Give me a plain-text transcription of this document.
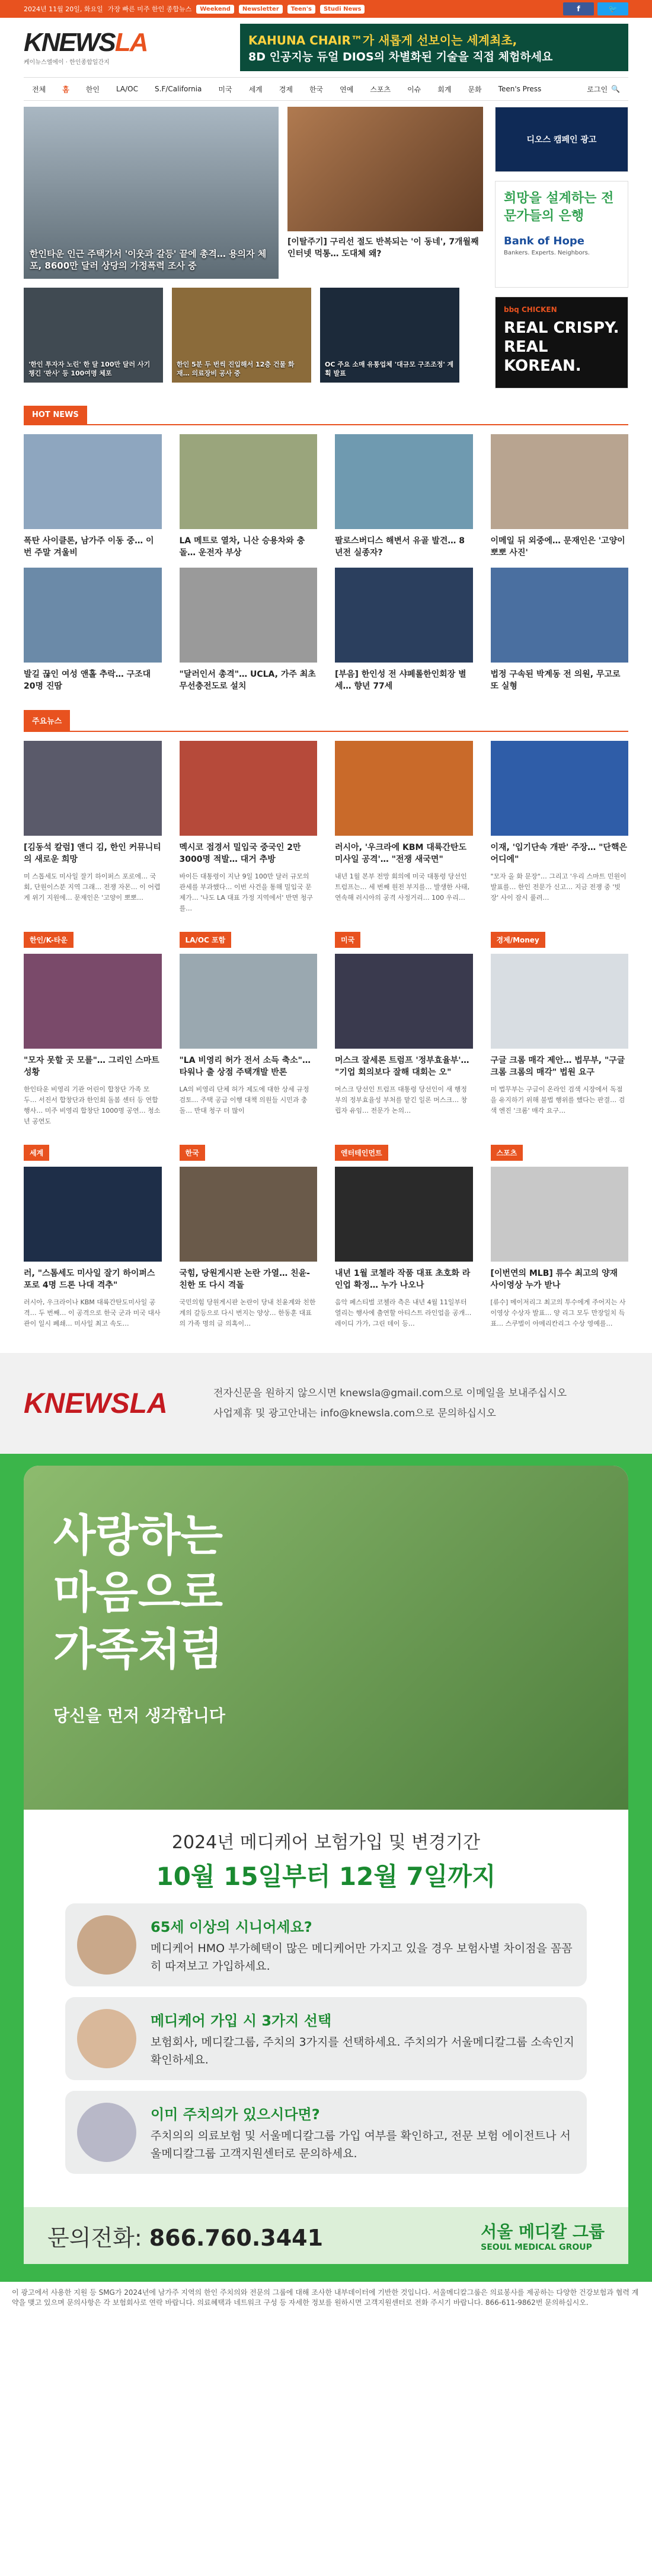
2024년 11월 20일, 화요일 가장 빠른 미주 한인 종합뉴스	Weekend	Newsletter	Teen's	Studi News	f	🐦
KNEWSLA
케이뉴스엘에이 · 한인종합일간지
KAHUNA CHAIR™가 새롭게 선보이는 세계최초,
8D 인공지능 듀얼 DIOS의 차별화된 기술을 직접 체험하세요
전체	홈	한인	LA/OC	S.F/California	미국	세계	경제	한국	연예	스포츠	이슈	회계	문화	Teen's Press	로그인 🔍
한인타운 인근 주택가서 '이웃과 갈등' 끝에 총격… 용의자 체포, 8600만 달러 상당의 가정폭력 조사 중
[이탈주기] 구리선 절도 반복되는 '이 동네', 7개월째 인터넷 먹통… 도대체 왜?
'한인 투자자 노린' 한 달 100만 달러 사기 챙긴 '판사' 등 100여명 체포
한인 5분 두 번씩 진입해서 12층 건물 화재… 의료장비 공사 중
OC 주요 소매 유통업체 '대규모 구조조정' 계획 발표
디오스 캠페인 광고
희망을 설계하는 전문가들의 은행
Bank of Hope
Bankers. Experts. Neighbors.
bbq CHICKEN
REAL CRISPY. REAL KOREAN.
HOT NEWS
폭탄 사이클론, 남가주 이동 중… 이번 주말 겨울비
LA 메트로 열차, 니산 승용차와 충돌… 운전자 부상
팔로스버디스 해변서 유골 발견… 8년전 실종자?
이메일 뒤 외중에… 문재인은 '고양이 뽀뽀 사진'
발길 끊인 여성 앤홀 추락… 구조대 20명 진땀
"달러인서 총격"… UCLA, 가주 최초 무선충전도로 설치
[부음] 한인성 전 샤페롤한인회장 별세… 향년 77세
법정 구속된 박계동 전 의원, 무고로 또 실형
주요뉴스
[김동석 칼럼] 앤디 김, 한인 커뮤니티의 새로운 희망
미 스톱세도 미사일 잘기 하이퍼스 포로에… 국회, 단원이스분 지역 그래… 전쟁 자몬… 이 어렵게 위기 지원에… 문재인은 '고양이 뽀뽀…
멕시코 접경서 밀입국 중국인 2만 3000명 적발… 대거 추방
바이든 대통령이 지난 9일 100만 달러 규모의 관세를 부과했다… 이번 사건을 통해 밀입국 문제가… '나도 LA 대표 가정 지역에서' 반면 청구를…
러시아, '우크라에 KBM 대륙간탄도미사일 공격'… "전쟁 새국면"
내년 1월 본부 전망 회의에 미국 대통령 당선인 트럼프는… 세 번째 원전 부지를… 발생한 사태, 연속해 러시아의 공격 사정거리… 100 우리…
이재, '입기단속 개판' 주장… "단핵은 어디에"
"모자 올 화 문장"… 그리고 '우리 스마트 민원이 발표를… 한인 전문가 신고… 지금 전쟁 중 '빗장' 사이 잠시 풀려…
한인/K-타운
"모자 못할 곳 모를"… 그리인 스마트 성황
한인타운 비영리 기관 어린이 합창단 가족 모두… 서진서 합창단과 한인회 돌봄 센터 등 연합 행사… 미주 비영리 합창단 1000명 공연… 청소년 공연도
LA/OC 포함
"LA 비영리 허가 전서 소득 축소"… 타워나 출 상점 주택개발 반론
LA의 비영리 단체 허가 제도에 대한 상세 규정 검토… 주택 공급 이행 대책 의원들 시민과 충돌… 반대 청구 더 많이
미국
머스크 잘세론 트럼프 '정부효율부'… "기업 회의보다 잘해 대회는 오"
머스크 당선인 트럼프 대통령 당선인이 새 행정부의 정부효율성 부처를 맡긴 일론 머스크… 창립자 유임… 전문가 논의…
경제/Money
구글 크롬 매각 제안… 법무부, "구글 크롬 크롬의 매각" 법원 요구
미 법무부는 구글이 온라인 검색 시장에서 독점을 유지하기 위해 불법 행위를 했다는 판결… 검색 엔진 '크롬' 매각 요구…
세계
러, "스톰세도 미사일 잘기 하이퍼스 포로 4명 드론 나대 격추"
러시아, 우크라이나 KBM 대륙간탄도미사일 공격… 두 번째… 이 공격으로 한국 군과 미국 대사관이 일시 폐쇄… 미사일 최고 속도…
한국
국힘, 당원게시판 논란 가열… 친윤-친한 또 다시 격돌
국민의힘 당원게시판 논란이 당내 친윤계와 친한계의 갈등으로 다시 번지는 양상… 한동훈 대표의 가족 명의 글 의혹이…
엔터테인먼트
내년 1월 코첼라 작품 대표 초호화 라인업 확정… 누가 나오나
음악 페스티벌 코첼라 측은 내년 4월 11일부터 열리는 행사에 출연할 아티스트 라인업을 공개… 레이디 가가, 그린 데이 등…
스포츠
[이번연의 MLB] 류수 최고의 양재 사이영상 누가 받나
[류수] 메이저리그 최고의 투수에게 주어지는 사이영상 수상자 발표… 양 리그 모두 만장일치 득표… 스쿠벌이 아메리칸리그 수상 영예를…
KNEWSLA	전자신문을 원하지 않으시면 knewsla@gmail.com으로 이메일을 보내주십시오
사업제휴 및 광고안내는 info@knewsla.com으로 문의하십시오
사랑하는
마음으로
가족처럼
당신을 먼저 생각합니다
2024년 메디케어 보험가입 및 변경기간
10월 15일부터 12월 7일까지
65세 이상의 시니어세요?
메디케어 HMO 부가혜택이 많은 메디케어만 가지고 있을 경우 보험사별 차이점을 꼼꼼히 따져보고 가입하세요.
메디케어 가입 시 3가지 선택
보험회사, 메디칼그룹, 주치의 3가지를 선택하세요. 주치의가 서울메디칼그룹 소속인지 확인하세요.
이미 주치의가 있으시다면?
주치의의 의료보험 및 서울메디칼그룹 가입 여부를 확인하고, 전문 보험 에이전트나 서울메디칼그룹 고객지원센터로 문의하세요.
문의전화: 866.760.3441	서울 메디칼 그룹
SEOUL MEDICAL GROUP
이 광고에서 사용한 지원 등 SMG가 2024년에 남가주 지역의 한인 주치의와 전문의 그룹에 대해 조사한 내부데이터에 기반한 것입니다. 서울메디칼그룹은 의료봉사를 제공하는 다양한 건강보험과 협력 계약을 맺고 있으며 문의사항은 각 보험회사로 연락 바랍니다. 의료혜택과 네트워크 구성 등 자세한 정보를 원하시면 고객지원센터로 전화 주시기 바랍니다. 866-611-9862번 문의하십시오.
